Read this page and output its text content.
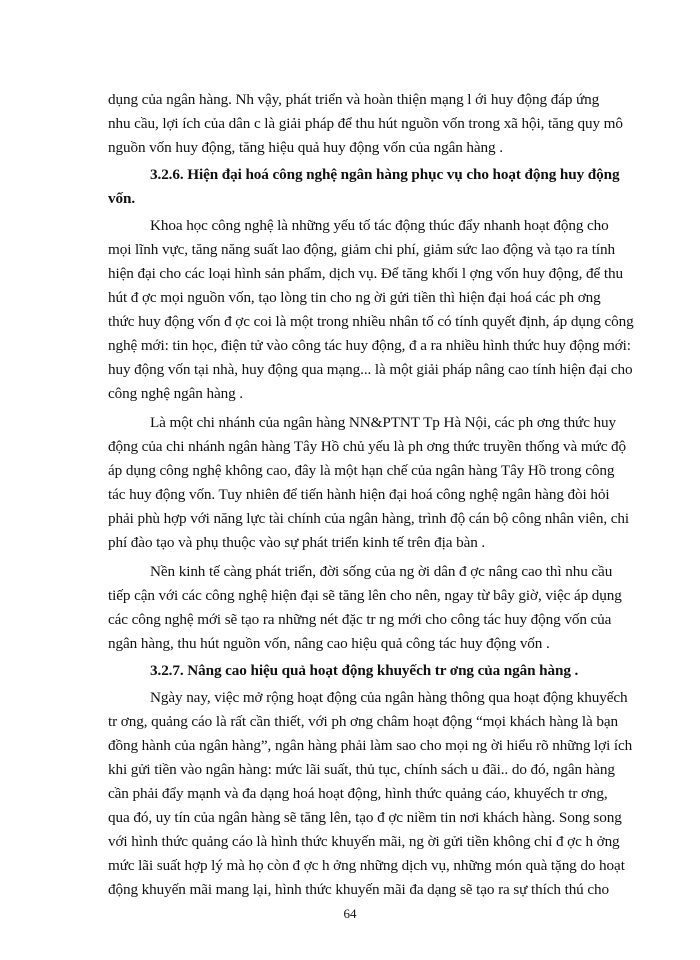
dụng của ngân hàng. Nh vậy, phát triển và hoàn thiện mạng l ới huy động đáp ứng
nhu cầu, lợi ích của dân c là giải pháp để thu hút nguồn vốn trong xã hội, tăng quy mô
nguồn vốn huy động, tăng hiệu quả huy động vốn của ngân hàng .
3.2.6. Hiện đại hoá công nghệ ngân hàng phục vụ cho hoạt động huy động
vốn.
Khoa học công nghệ là những yếu tố tác động thúc đẩy nhanh hoạt động cho
mọi lĩnh vực, tăng năng suất lao động, giảm chi phí, giảm sức lao động và tạo ra tính
hiện đại cho các loại hình sản phẩm, dịch vụ. Để tăng khối l ợng vốn huy động, để thu
hút đ ợc mọi nguồn vốn, tạo lòng tin cho ng ời gửi tiền thì hiện đại hoá các ph ơng
thức huy động vốn đ ợc coi là một trong nhiều nhân tố có tính quyết định, áp dụng công
nghệ mới: tin học, điện tử vào công tác huy động, đ a ra nhiều hình thức huy động mới:
huy động vốn tại nhà, huy động qua mạng... là một giải pháp nâng cao tính hiện đại cho
công nghệ ngân hàng .
Là một chi nhánh của ngân hàng NN&PTNT Tp Hà Nội, các ph ơng thức huy
động của chi nhánh ngân hàng Tây Hồ chủ yếu là ph ơng thức truyền thống và mức độ
áp dụng công nghệ không cao, đây là một hạn chế của ngân hàng Tây Hồ trong công
tác huy động vốn. Tuy nhiên để tiến hành hiện đại hoá công nghệ ngân hàng đòi hỏi
phải phù hợp với năng lực tài chính của ngân hàng, trình độ cán bộ công nhân viên, chi
phí đào tạo và phụ thuộc vào sự phát triển kinh tế trên địa bàn .
Nền kinh tế càng phát triển, đời sống của ng ời dân đ ợc nâng cao thì nhu cầu
tiếp cận với các công nghệ hiện đại sẽ tăng lên cho nên, ngay từ bây giờ, việc áp dụng
các công nghệ mới sẽ tạo ra những nét đặc tr ng mới cho công tác huy động vốn của
ngân hàng, thu hút nguồn vốn, nâng cao hiệu quả công tác huy động vốn .
3.2.7. Nâng cao hiệu quả hoạt động khuyếch tr ơng của ngân hàng .
Ngày nay, việc mở rộng hoạt động của ngân hàng thông qua hoạt động khuyếch
tr ơng, quảng cáo là rất cần thiết, với ph ơng châm hoạt động “mọi khách hàng là bạn
đồng hành của ngân hàng”, ngân hàng phải làm sao cho mọi ng ời hiểu rõ những lợi ích
khi gửi tiền vào ngân hàng: mức lãi suất, thủ tục, chính sách u đãi.. do đó, ngân hàng
cần phải đẩy mạnh và đa dạng hoá hoạt động, hình thức quảng cáo, khuyếch tr ơng,
qua đó, uy tín của ngân hàng sẽ tăng lên, tạo đ ợc niềm tin nơi khách hàng. Song song
với hình thức quảng cáo là hình thức khuyến mãi, ng ời gửi tiền không chỉ đ ợc h ởng
mức lãi suất hợp lý mà họ còn đ ợc h ởng những dịch vụ, những món quà tặng do hoạt
động khuyến mãi mang lại, hình thức khuyến mãi đa dạng sẽ tạo ra sự thích thú cho
64
